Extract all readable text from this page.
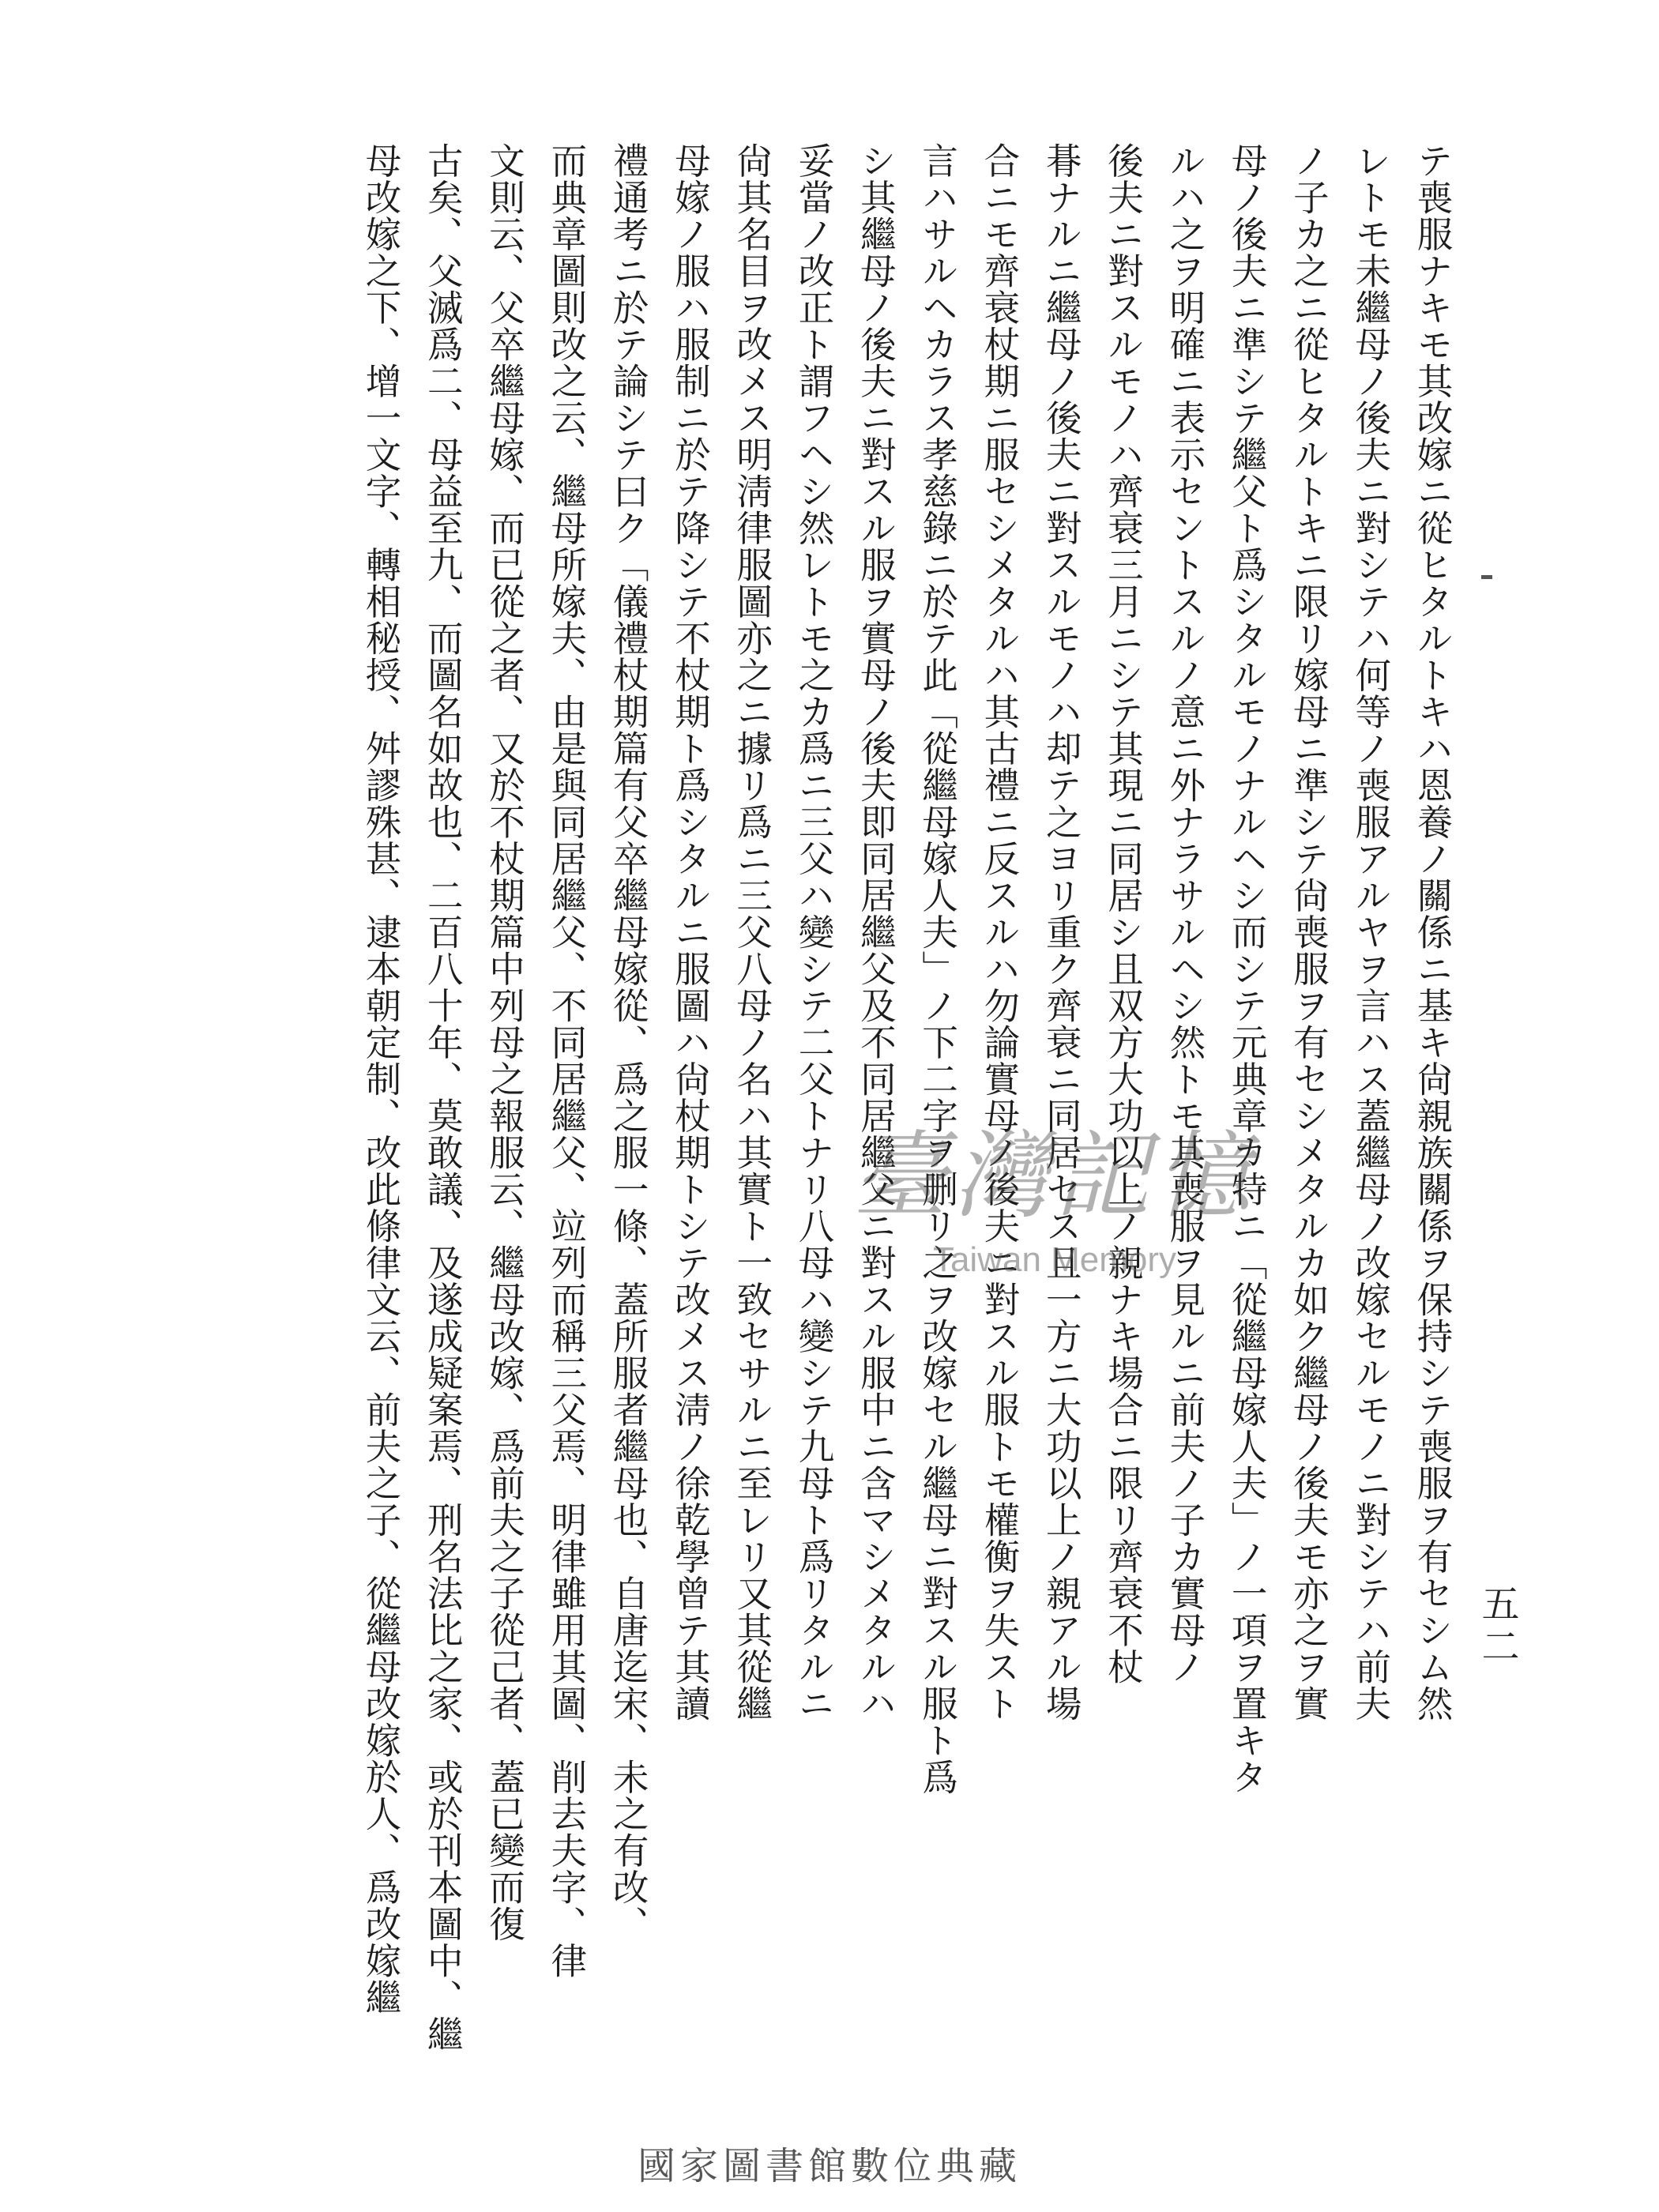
五二
テ喪服ナキモ其改嫁ニ從ヒタルトキハ恩養ノ關係ニ基キ尙親族關係ヲ保持シテ喪服ヲ有セシム然
レトモ未繼母ノ後夫ニ對シテハ何等ノ喪服アルヤヲ言ハス蓋繼母ノ改嫁セルモノニ對シテハ前夫
ノ子カ之ニ從ヒタルトキニ限リ嫁母ニ準シテ尙喪服ヲ有セシメタルカ如ク繼母ノ後夫モ亦之ヲ實
母ノ後夫ニ準シテ繼父ト爲シタルモノナルヘシ而シテ元典章カ特ニ「從繼母嫁人夫」ノ一項ヲ置キタ
ルハ之ヲ明確ニ表示セントスルノ意ニ外ナラサルヘシ然トモ其喪服ヲ見ルニ前夫ノ子カ實母ノ
後夫ニ對スルモノハ齊衰三月ニシテ其現ニ同居シ且双方大功以上ノ親ナキ場合ニ限リ齊衰不杖
朞ナルニ繼母ノ後夫ニ對スルモノハ却テ之ヨリ重ク齊衰ニ同居セス且一方ニ大功以上ノ親アル場
合ニモ齊衰杖期ニ服セシメタルハ其古禮ニ反スルハ勿論實母ノ後夫ニ對スル服トモ權衡ヲ失スト
言ハサルヘカラス孝慈錄ニ於テ此「從繼母嫁人夫」ノ下二字ヲ删リ之ヲ改嫁セル繼母ニ對スル服ト爲
シ其繼母ノ後夫ニ對スル服ヲ實母ノ後夫即同居繼父及不同居繼父ニ對スル服中ニ含マシメタルハ
妥當ノ改正ト謂フヘシ然レトモ之カ爲ニ三父ハ變シテ二父トナリ八母ハ變シテ九母ト爲リタルニ
尙其名目ヲ改メス明淸律服圖亦之ニ據リ爲ニ三父八母ノ名ハ其實ト一致セサルニ至レリ又其從繼
母嫁ノ服ハ服制ニ於テ降シテ不杖期ト爲シタルニ服圖ハ尙杖期トシテ改メス淸ノ徐乾學曾テ其讀
禮通考ニ於テ論シテ曰ク「儀禮杖期篇有父卒繼母嫁從、爲之服一條、蓋所服者繼母也、自唐迄宋、未之有改、
而典章圖則改之云、繼母所嫁夫、由是與同居繼父、不同居繼父、竝列而稱三父焉、明律雖用其圖、削去夫字、律
文則云、父卒繼母嫁、而已從之者、又於不杖期篇中列母之報服云、繼母改嫁、爲前夫之子從己者、蓋已變而復
古矣、父滅爲二、母益至九、而圖名如故也、二百八十年、莫敢議、及遂成疑案焉、刑名法比之家、或於刊本圖中、繼
母改嫁之下、增一文字、轉相秘授、舛謬殊甚、逮本朝定制、改此條律文云、前夫之子、從繼母改嫁於人、爲改嫁繼	臺灣記憶
Taiwan Memory
國家圖書館數位典藏
